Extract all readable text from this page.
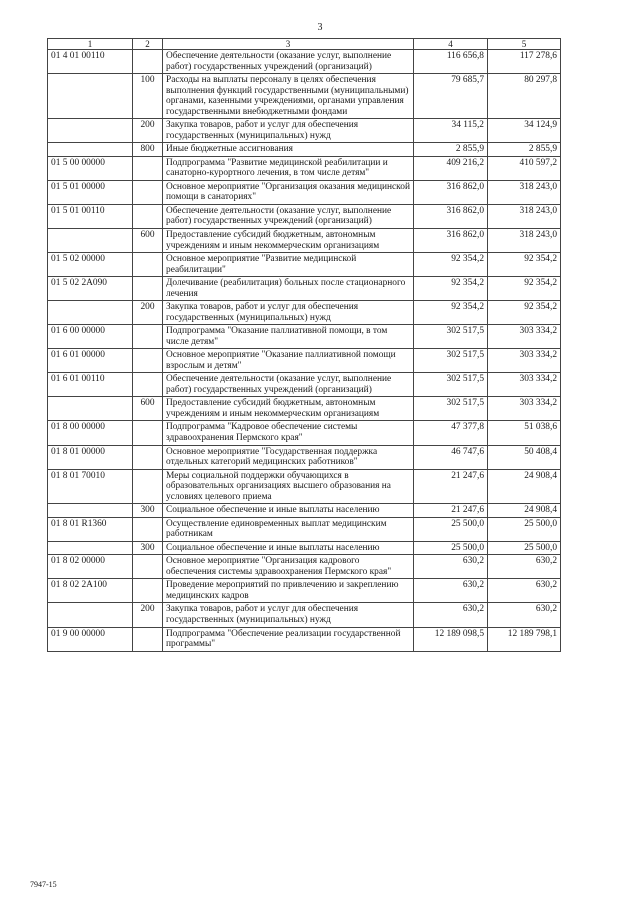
3
1	2	3	4	5
01 4 01 00110		Обеспечение деятельности (оказание услуг, выполнение работ) государственных учреждений (организаций)	116 656,8	117 278,6
	100	Расходы на выплаты персоналу в целях обеспечения выполнения функций государственными (муниципальными) органами, казенными учреждениями, органами управления государственными внебюджетными фондами	79 685,7	80 297,8
	200	Закупка товаров, работ и услуг для обеспечения государственных (муниципальных) нужд	34 115,2	34 124,9
	800	Иные бюджетные ассигнования	2 855,9	2 855,9
01 5 00 00000		Подпрограмма "Развитие медицинской реабилитации и санаторно-курортного лечения, в том числе детям"	409 216,2	410 597,2
01 5 01 00000		Основное мероприятие "Организация оказания медицинской помощи в санаториях"	316 862,0	318 243,0
01 5 01 00110		Обеспечение деятельности (оказание услуг, выполнение работ) государственных учреждений (организаций)	316 862,0	318 243,0
	600	Предоставление субсидий бюджетным, автономным учреждениям и иным некоммерческим организациям	316 862,0	318 243,0
01 5 02 00000		Основное мероприятие "Развитие медицинской реабилитации"	92 354,2	92 354,2
01 5 02 2А090		Долечивание (реабилитация) больных после стационарного лечения	92 354,2	92 354,2
	200	Закупка товаров, работ и услуг для обеспечения государственных (муниципальных) нужд	92 354,2	92 354,2
01 6 00 00000		Подпрограмма "Оказание паллиативной помощи, в том числе детям"	302 517,5	303 334,2
01 6 01 00000		Основное мероприятие "Оказание паллиативной помощи взрослым и детям"	302 517,5	303 334,2
01 6 01 00110		Обеспечение деятельности (оказание услуг, выполнение работ) государственных учреждений (организаций)	302 517,5	303 334,2
	600	Предоставление субсидий бюджетным, автономным учреждениям и иным некоммерческим организациям	302 517,5	303 334,2
01 8 00 00000		Подпрограмма "Кадровое обеспечение системы здравоохранения Пермского края"	47 377,8	51 038,6
01 8 01 00000		Основное мероприятие "Государственная поддержка отдельных категорий медицинских работников"	46 747,6	50 408,4
01 8 01 70010		Меры социальной поддержки обучающихся в образовательных организациях высшего образования на условиях целевого приема	21 247,6	24 908,4
	300	Социальное обеспечение и иные выплаты населению	21 247,6	24 908,4
01 8 01 R1360		Осуществление единовременных выплат медицинским работникам	25 500,0	25 500,0
	300	Социальное обеспечение и иные выплаты населению	25 500,0	25 500,0
01 8 02 00000		Основное мероприятие "Организация кадрового обеспечения системы здравоохранения Пермского края"	630,2	630,2
01 8 02 2А100		Проведение мероприятий по привлечению и закреплению медицинских кадров	630,2	630,2
	200	Закупка товаров, работ и услуг для обеспечения государственных (муниципальных) нужд	630,2	630,2
01 9 00 00000		Подпрограмма "Обеспечение реализации государственной программы"	12 189 098,5	12 189 798,1
7947-15
